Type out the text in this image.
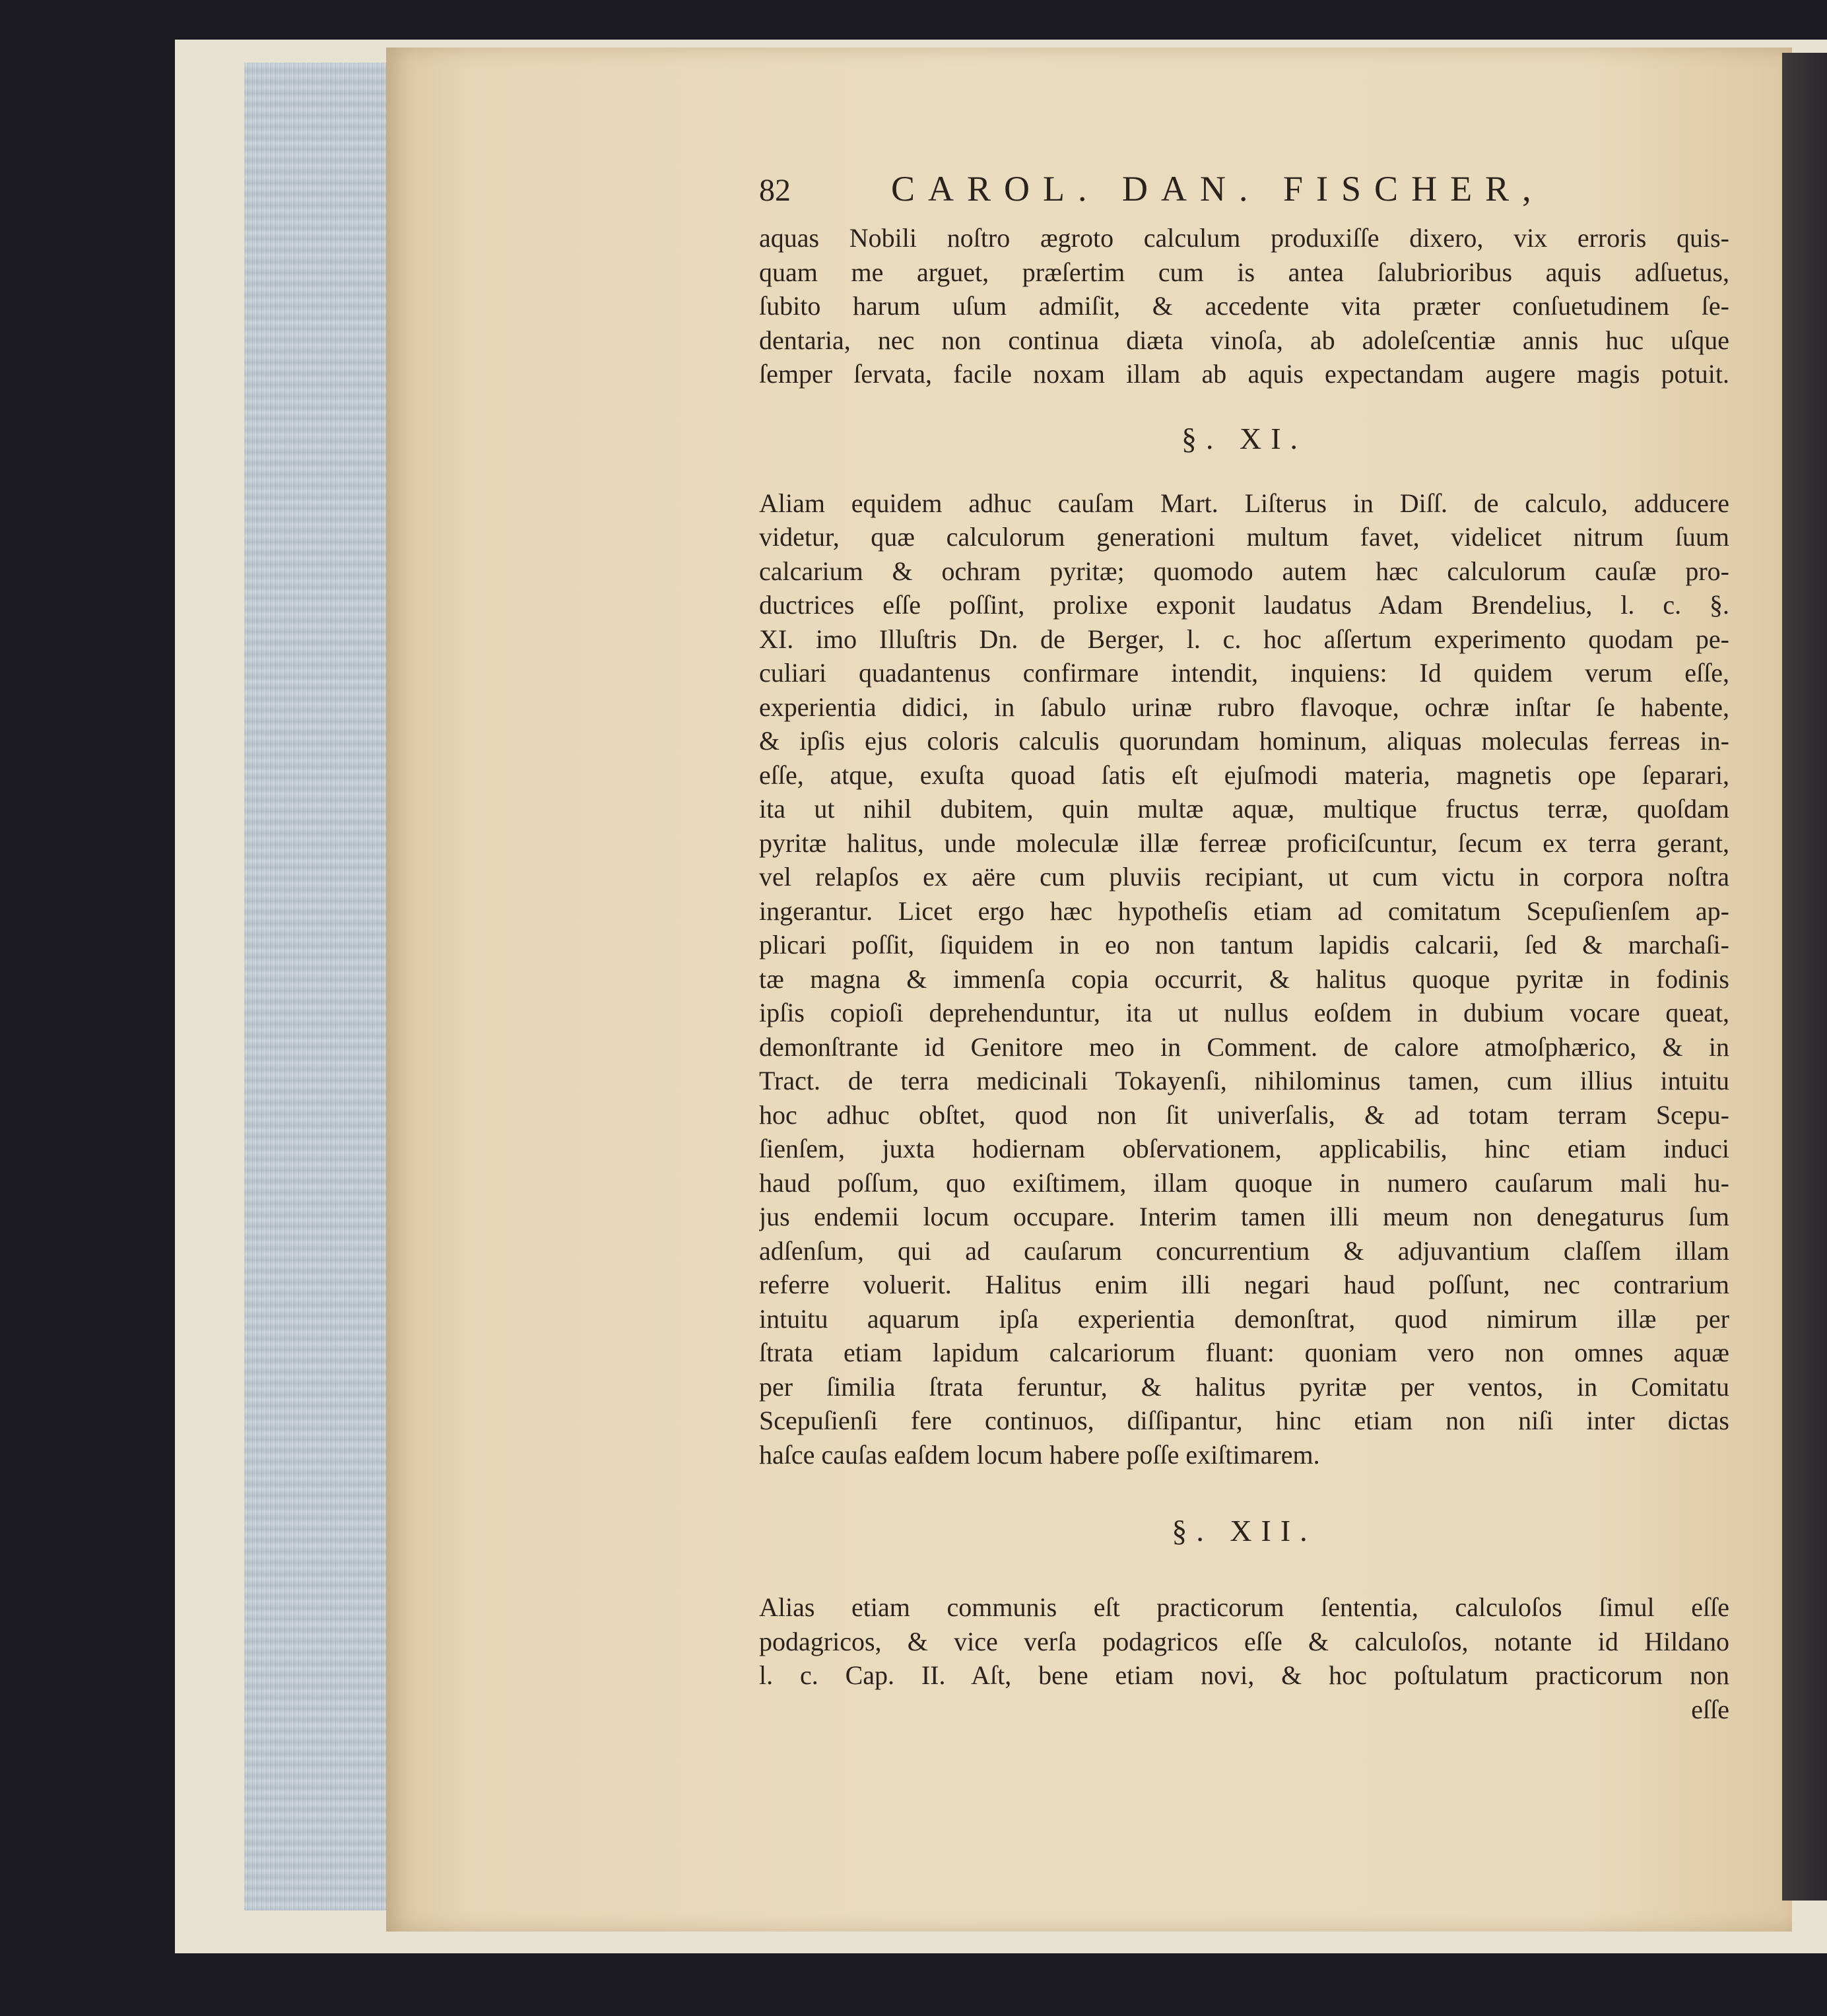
82	CAROL. DAN. FISCHER,
aquas Nobili noſtro ægroto calculum produxiſſe dixero, vix erroris quis-
quam me arguet, præſertim cum is antea ſalubrioribus aquis adſuetus,
ſubito harum uſum admiſit, & accedente vita præter conſuetudinem ſe-
dentaria, nec non continua diæta vinoſa, ab adoleſcentiæ annis huc uſque
ſemper ſervata, facile noxam illam ab aquis expectandam augere magis potuit.
§. XI.
Aliam equidem adhuc cauſam Mart. Liſterus in Diſſ. de calculo, adducere
videtur, quæ calculorum generationi multum favet, videlicet nitrum ſuum
calcarium & ochram pyritæ; quomodo autem hæc calculorum cauſæ pro-
ductrices eſſe poſſint, prolixe exponit laudatus Adam Brendelius, l. c. §.
XI. imo Illuſtris Dn. de Berger, l. c. hoc aſſertum experimento quodam pe-
culiari quadantenus confirmare intendit, inquiens: Id quidem verum eſſe,
experientia didici, in ſabulo urinæ rubro flavoque, ochræ inſtar ſe habente,
& ipſis ejus coloris calculis quorundam hominum, aliquas moleculas ferreas in-
eſſe, atque, exuſta quoad ſatis eſt ejuſmodi materia, magnetis ope ſeparari,
ita ut nihil dubitem, quin multæ aquæ, multique fructus terræ, quoſdam
pyritæ halitus, unde moleculæ illæ ferreæ proficiſcuntur, ſecum ex terra gerant,
vel relapſos ex aëre cum pluviis recipiant, ut cum victu in corpora noſtra
ingerantur. Licet ergo hæc hypotheſis etiam ad comitatum Scepuſienſem ap-
plicari poſſit, ſiquidem in eo non tantum lapidis calcarii, ſed & marchaſi-
tæ magna & immenſa copia occurrit, & halitus quoque pyritæ in fodinis
ipſis copioſi deprehenduntur, ita ut nullus eoſdem in dubium vocare queat,
demonſtrante id Genitore meo in Comment. de calore atmoſphærico, & in
Tract. de terra medicinali Tokayenſi, nihilominus tamen, cum illius intuitu
hoc adhuc obſtet, quod non ſit univerſalis, & ad totam terram Scepu-
ſienſem, juxta hodiernam obſervationem, applicabilis, hinc etiam induci
haud poſſum, quo exiſtimem, illam quoque in numero cauſarum mali hu-
jus endemii locum occupare. Interim tamen illi meum non denegaturus ſum
adſenſum, qui ad cauſarum concurrentium & adjuvantium claſſem illam
referre voluerit. Halitus enim illi negari haud poſſunt, nec contrarium
intuitu aquarum ipſa experientia demonſtrat, quod nimirum illæ per
ſtrata etiam lapidum calcariorum fluant: quoniam vero non omnes aquæ
per ſimilia ſtrata feruntur, & halitus pyritæ per ventos, in Comitatu
Scepuſienſi fere continuos, diſſipantur, hinc etiam non niſi inter dictas
haſce cauſas eaſdem locum habere poſſe exiſtimarem.
§. XII.
Alias etiam communis eſt practicorum ſententia, calculoſos ſimul eſſe
podagricos, & vice verſa podagricos eſſe & calculoſos, notante id Hildano
l. c. Cap. II. Aſt, bene etiam novi, & hoc poſtulatum practicorum non
eſſe
